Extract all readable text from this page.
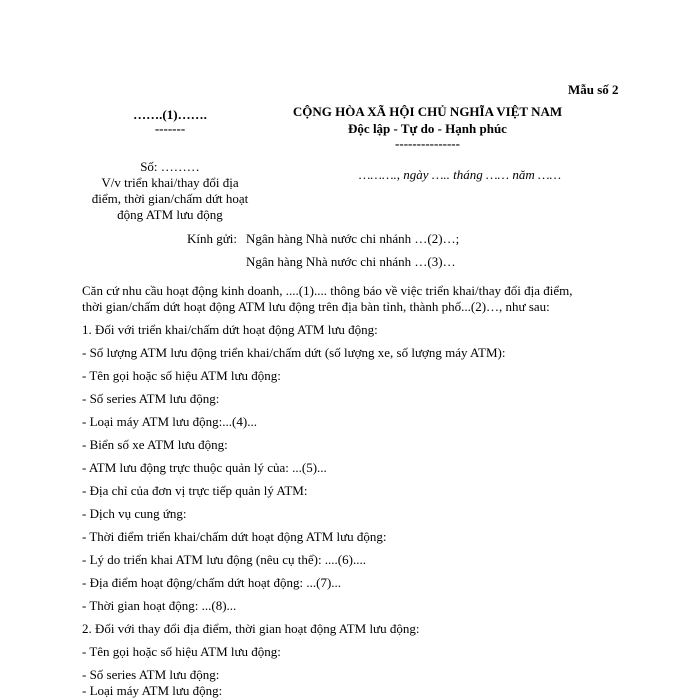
Mẫu số 2
…….(1)…….
-------
CỘNG HÒA XÃ HỘI CHỦ NGHĨA VIỆT NAM
Độc lập - Tự do - Hạnh phúc
---------------
Số: ………
V/v triển khai/thay đổi địa
điểm, thời gian/chấm dứt hoạt
động ATM lưu động
………., ngày ….. tháng …… năm ……
Kính gửi: Ngân hàng Nhà nước chi nhánh …(2)…;
Ngân hàng Nhà nước chi nhánh …(3)…
Căn cứ nhu cầu hoạt động kinh doanh, ....(1).... thông báo về việc triển khai/thay đổi địa điểm,
thời gian/chấm dứt hoạt động ATM lưu động trên địa bàn tỉnh, thành phố...(2)…, như sau:
1. Đối với triển khai/chấm dứt hoạt động ATM lưu động:
- Số lượng ATM lưu động triển khai/chấm dứt (số lượng xe, số lượng máy ATM):
- Tên gọi hoặc số hiệu ATM lưu động:
- Số series ATM lưu động:
- Loại máy ATM lưu động:...(4)...
- Biển số xe ATM lưu động:
- ATM lưu động trực thuộc quản lý của: ...(5)...
- Địa chỉ của đơn vị trực tiếp quản lý ATM:
- Dịch vụ cung ứng:
- Thời điểm triển khai/chấm dứt hoạt động ATM lưu động:
- Lý do triển khai ATM lưu động (nêu cụ thể): ....(6)....
- Địa điểm hoạt động/chấm dứt hoạt động: ...(7)...
- Thời gian hoạt động: ...(8)...
2. Đối với thay đổi địa điểm, thời gian hoạt động ATM lưu động:
- Tên gọi hoặc số hiệu ATM lưu động:
- Số series ATM lưu động:
- Loại máy ATM lưu động:
